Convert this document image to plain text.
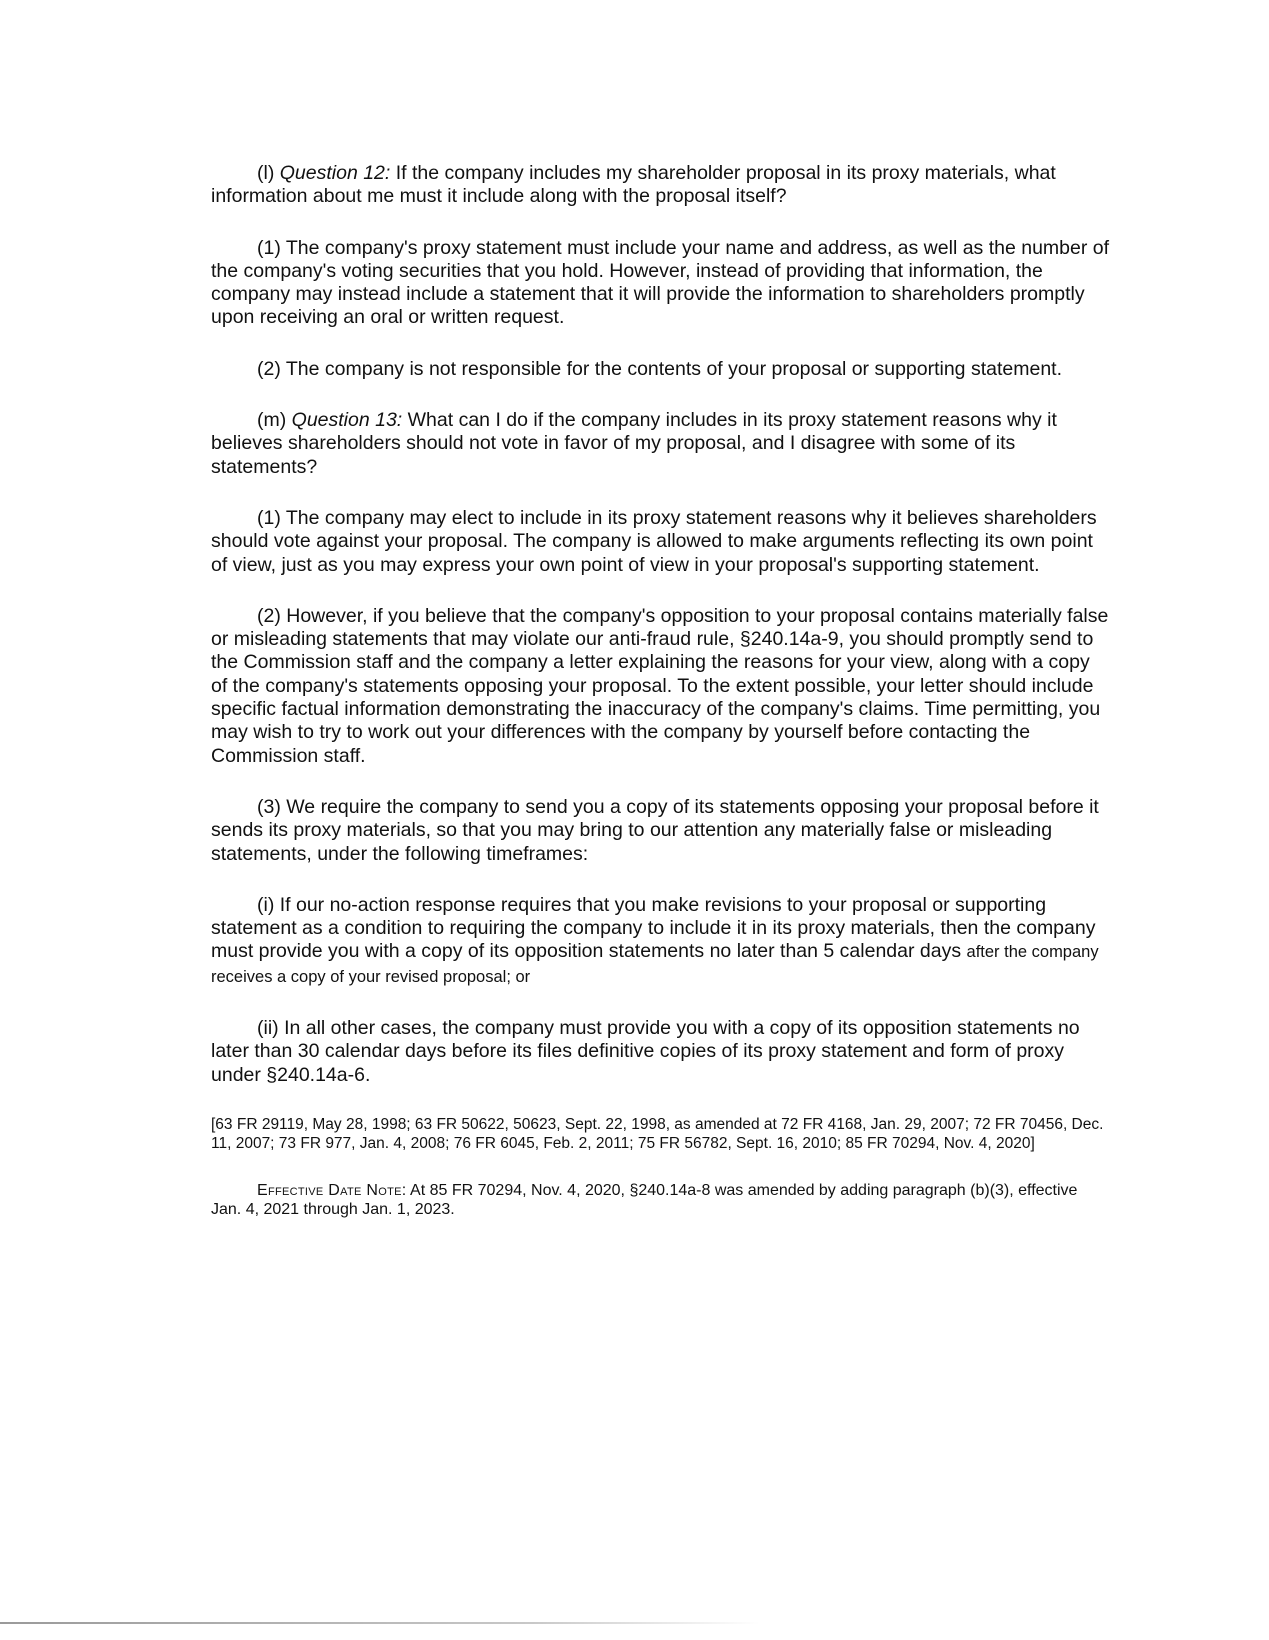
(l) Question 12: If the company includes my shareholder proposal in its proxy materials, what information about me must it include along with the proposal itself?

(1) The company's proxy statement must include your name and address, as well as the number of the company's voting securities that you hold. However, instead of providing that information, the company may instead include a statement that it will provide the information to shareholders promptly upon receiving an oral or written request.

(2) The company is not responsible for the contents of your proposal or supporting statement.

(m) Question 13: What can I do if the company includes in its proxy statement reasons why it believes shareholders should not vote in favor of my proposal, and I disagree with some of its statements?

(1) The company may elect to include in its proxy statement reasons why it believes shareholders should vote against your proposal. The company is allowed to make arguments reflecting its own point of view, just as you may express your own point of view in your proposal's supporting statement.

(2) However, if you believe that the company's opposition to your proposal contains materially false or misleading statements that may violate our anti-fraud rule, §240.14a-9, you should promptly send to the Commission staff and the company a letter explaining the reasons for your view, along with a copy of the company's statements opposing your proposal. To the extent possible, your letter should include specific factual information demonstrating the inaccuracy of the company's claims. Time permitting, you may wish to try to work out your differences with the company by yourself before contacting the Commission staff.

(3) We require the company to send you a copy of its statements opposing your proposal before it sends its proxy materials, so that you may bring to our attention any materially false or misleading statements, under the following timeframes:

(i) If our no-action response requires that you make revisions to your proposal or supporting statement as a condition to requiring the company to include it in its proxy materials, then the company must provide you with a copy of its opposition statements no later than 5 calendar days after the company receives a copy of your revised proposal; or

(ii) In all other cases, the company must provide you with a copy of its opposition statements no later than 30 calendar days before its files definitive copies of its proxy statement and form of proxy under §240.14a-6.

[63 FR 29119, May 28, 1998; 63 FR 50622, 50623, Sept. 22, 1998, as amended at 72 FR 4168, Jan. 29, 2007; 72 FR 70456, Dec. 11, 2007; 73 FR 977, Jan. 4, 2008; 76 FR 6045, Feb. 2, 2011; 75 FR 56782, Sept. 16, 2010; 85 FR 70294, Nov. 4, 2020]

Effective Date Note: At 85 FR 70294, Nov. 4, 2020, §240.14a-8 was amended by adding paragraph (b)(3), effective Jan. 4, 2021 through Jan. 1, 2023.
